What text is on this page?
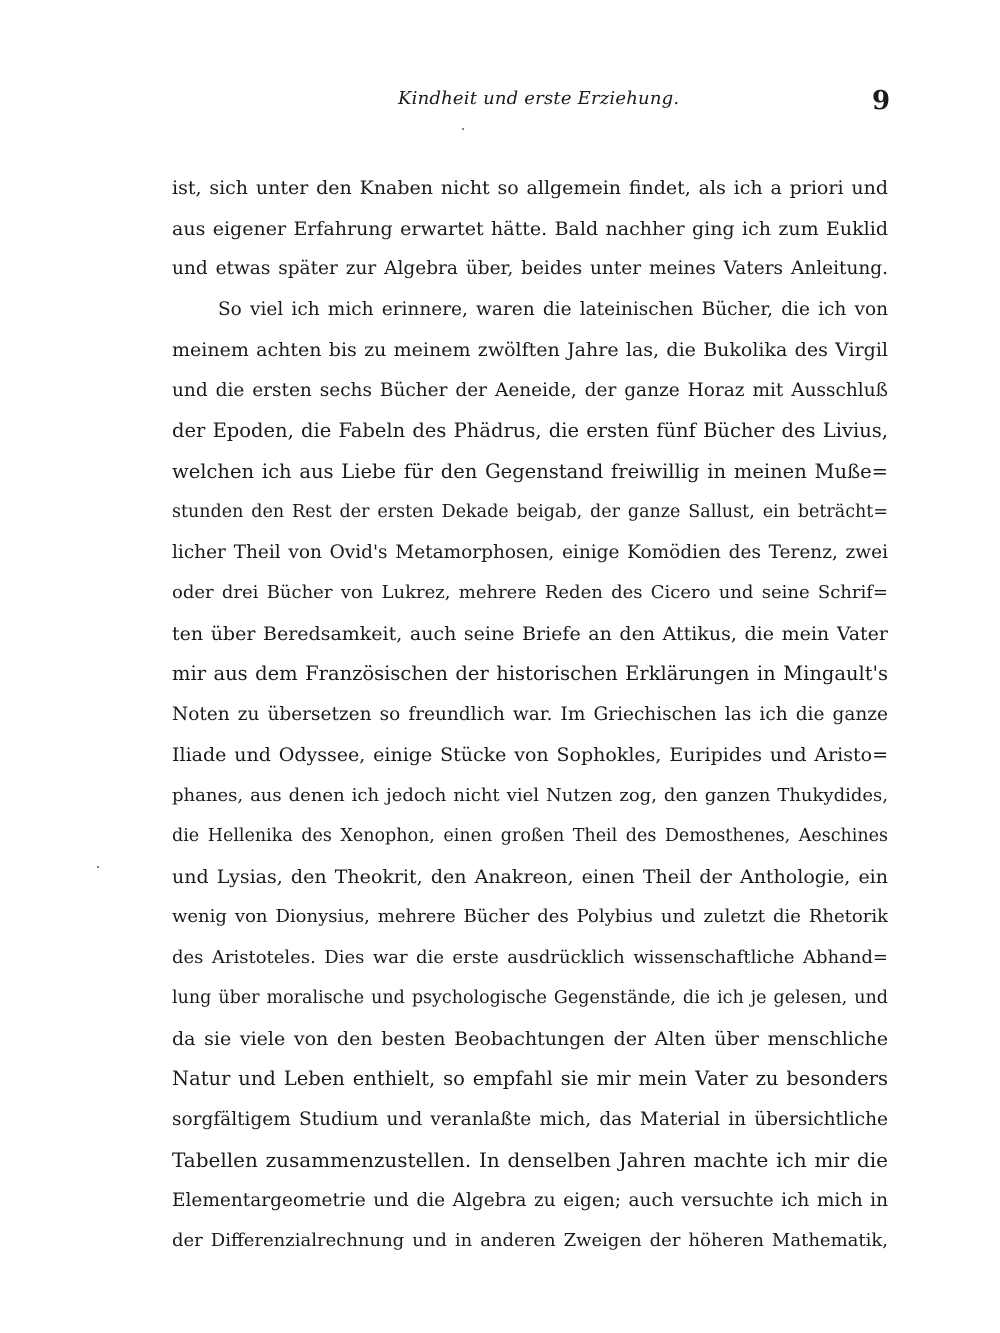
Kindheit und erste Erziehung.	9
ist, sich unter den Knaben nicht so allgemein findet, als ich a priori und
aus eigener Erfahrung erwartet hätte. Bald nachher ging ich zum Euklid
und etwas später zur Algebra über, beides unter meines Vaters Anleitung.
So viel ich mich erinnere, waren die lateinischen Bücher, die ich von
meinem achten bis zu meinem zwölften Jahre las, die Bukolika des Virgil
und die ersten sechs Bücher der Aeneide, der ganze Horaz mit Ausschluß
der Epoden, die Fabeln des Phädrus, die ersten fünf Bücher des Livius,
welchen ich aus Liebe für den Gegenstand freiwillig in meinen Muße=
stunden den Rest der ersten Dekade beigab, der ganze Sallust, ein beträcht=
licher Theil von Ovid's Metamorphosen, einige Komödien des Terenz, zwei
oder drei Bücher von Lukrez, mehrere Reden des Cicero und seine Schrif=
ten über Beredsamkeit, auch seine Briefe an den Attikus, die mein Vater
mir aus dem Französischen der historischen Erklärungen in Mingault's
Noten zu übersetzen so freundlich war. Im Griechischen las ich die ganze
Iliade und Odyssee, einige Stücke von Sophokles, Euripides und Aristo=
phanes, aus denen ich jedoch nicht viel Nutzen zog, den ganzen Thukydides,
die Hellenika des Xenophon, einen großen Theil des Demosthenes, Aeschines
und Lysias, den Theokrit, den Anakreon, einen Theil der Anthologie, ein
wenig von Dionysius, mehrere Bücher des Polybius und zuletzt die Rhetorik
des Aristoteles. Dies war die erste ausdrücklich wissenschaftliche Abhand=
lung über moralische und psychologische Gegenstände, die ich je gelesen, und
da sie viele von den besten Beobachtungen der Alten über menschliche
Natur und Leben enthielt, so empfahl sie mir mein Vater zu besonders
sorgfältigem Studium und veranlaßte mich, das Material in übersichtliche
Tabellen zusammenzustellen. In denselben Jahren machte ich mir die
Elementargeometrie und die Algebra zu eigen; auch versuchte ich mich in
der Differenzialrechnung und in anderen Zweigen der höheren Mathematik,
